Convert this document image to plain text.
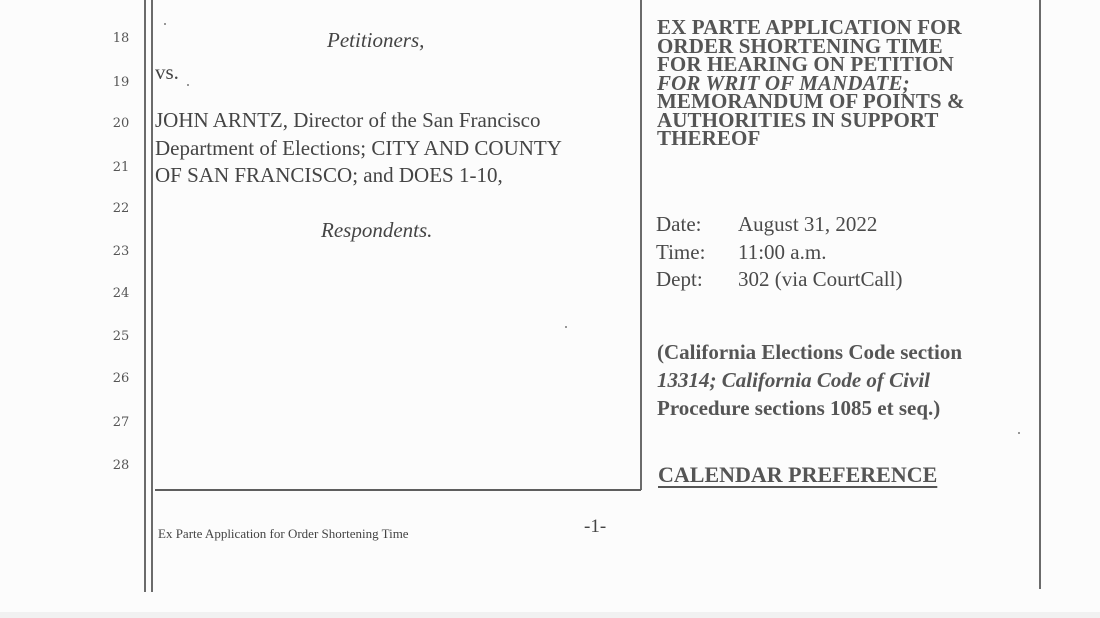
18
19
20
21
22
23
24
25
26
27
28
Petitioners,
vs.
JOHN ARNTZ, Director of the San Francisco
Department of Elections; CITY AND COUNTY
OF SAN FRANCISCO; and DOES 1-10,
Respondents.
EX PARTE APPLICATION FOR
ORDER SHORTENING TIME
FOR HEARING ON PETITION
FOR WRIT OF MANDATE;
MEMORANDUM OF POINTS &
AUTHORITIES IN SUPPORT
THEREOF
Date: August 31, 2022
Time: 11:00 a.m.
Dept: 302 (via CourtCall)
(California Elections Code section
13314; California Code of Civil
Procedure sections 1085 et seq.)
CALENDAR PREFERENCE
Ex Parte Application for Order Shortening Time	-1-
